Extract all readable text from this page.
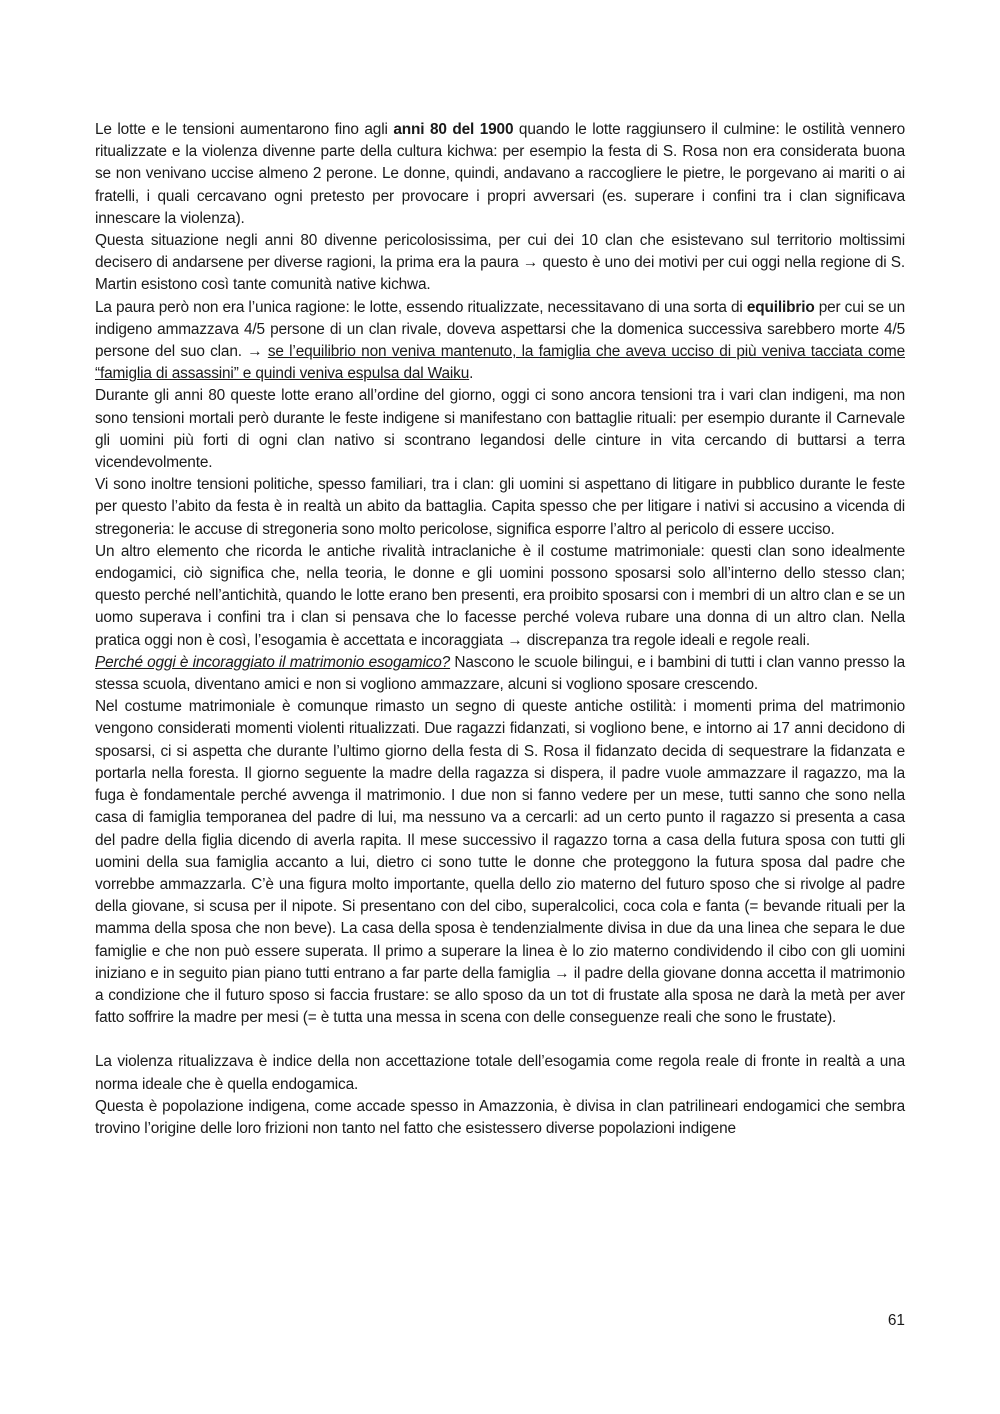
Le lotte e le tensioni aumentarono fino agli anni 80 del 1900 quando le lotte raggiunsero il culmine: le ostilità vennero ritualizzate e la violenza divenne parte della cultura kichwa: per esempio la festa di S. Rosa non era considerata buona se non venivano uccise almeno 2 perone. Le donne, quindi, andavano a raccogliere le pietre, le porgevano ai mariti o ai fratelli, i quali cercavano ogni pretesto per provocare i propri avversari (es. superare i confini tra i clan significava innescare la violenza).

Questa situazione negli anni 80 divenne pericolosissima, per cui dei 10 clan che esistevano sul territorio moltissimi decisero di andarsene per diverse ragioni, la prima era la paura → questo è uno dei motivi per cui oggi nella regione di S. Martin esistono così tante comunità native kichwa.

La paura però non era l’unica ragione: le lotte, essendo ritualizzate, necessitavano di una sorta di equilibrio per cui se un indigeno ammazzava 4/5 persone di un clan rivale, doveva aspettarsi che la domenica successiva sarebbero morte 4/5 persone del suo clan. → se l’equilibrio non veniva mantenuto, la famiglia che aveva ucciso di più veniva tacciata come “famiglia di assassini” e quindi veniva espulsa dal Waiku.

Durante gli anni 80 queste lotte erano all’ordine del giorno, oggi ci sono ancora tensioni tra i vari clan indigeni, ma non sono tensioni mortali però durante le feste indigene si manifestano con battaglie rituali: per esempio durante il Carnevale gli uomini più forti di ogni clan nativo si scontrano legandosi delle cinture in vita cercando di buttarsi a terra vicendevolmente.

Vi sono inoltre tensioni politiche, spesso familiari, tra i clan: gli uomini si aspettano di litigare in pubblico durante le feste per questo l’abito da festa è in realtà un abito da battaglia. Capita spesso che per litigare i nativi si accusino a vicenda di stregoneria: le accuse di stregoneria sono molto pericolose, significa esporre l’altro al pericolo di essere ucciso.

Un altro elemento che ricorda le antiche rivalità intraclaniche è il costume matrimoniale: questi clan sono idealmente endogamici, ciò significa che, nella teoria, le donne e gli uomini possono sposarsi solo all’interno dello stesso clan; questo perché nell’antichità, quando le lotte erano ben presenti, era proibito sposarsi con i membri di un altro clan e se un uomo superava i confini tra i clan si pensava che lo facesse perché voleva rubare una donna di un altro clan. Nella pratica oggi non è così, l’esogamia è accettata e incoraggiata → discrepanza tra regole ideali e regole reali.

Perché oggi è incoraggiato il matrimonio esogamico? Nascono le scuole bilingui, e i bambini di tutti i clan vanno presso la stessa scuola, diventano amici e non si vogliono ammazzare, alcuni si vogliono sposare crescendo.

Nel costume matrimoniale è comunque rimasto un segno di queste antiche ostilità: i momenti prima del matrimonio vengono considerati momenti violenti ritualizzati. Due ragazzi fidanzati, si vogliono bene, e intorno ai 17 anni decidono di sposarsi, ci si aspetta che durante l’ultimo giorno della festa di S. Rosa il fidanzato decida di sequestrare la fidanzata e portarla nella foresta. Il giorno seguente la madre della ragazza si dispera, il padre vuole ammazzare il ragazzo, ma la fuga è fondamentale perché avvenga il matrimonio. I due non si fanno vedere per un mese, tutti sanno che sono nella casa di famiglia temporanea del padre di lui, ma nessuno va a cercarli: ad un certo punto il ragazzo si presenta a casa del padre della figlia dicendo di averla rapita. Il mese successivo il ragazzo torna a casa della futura sposa con tutti gli uomini della sua famiglia accanto a lui, dietro ci sono tutte le donne che proteggono la futura sposa dal padre che vorrebbe ammazzarla. C’è una figura molto importante, quella dello zio materno del futuro sposo che si rivolge al padre della giovane, si scusa per il nipote. Si presentano con del cibo, superalcolici, coca cola e fanta (= bevande rituali per la mamma della sposa che non beve). La casa della sposa è tendenzialmente divisa in due da una linea che separa le due famiglie e che non può essere superata. Il primo a superare la linea è lo zio materno condividendo il cibo con gli uomini iniziano e in seguito pian piano tutti entrano a far parte della famiglia → il padre della giovane donna accetta il matrimonio a condizione che il futuro sposo si faccia frustare: se allo sposo da un tot di frustate alla sposa ne darà la metà per aver fatto soffrire la madre per mesi (= è tutta una messa in scena con delle conseguenze reali che sono le frustate).

La violenza ritualizzava è indice della non accettazione totale dell’esogamia come regola reale di fronte in realtà a una norma ideale che è quella endogamica.

Questa è popolazione indigena, come accade spesso in Amazzonia, è divisa in clan patrilineari endogamici che sembra trovino l’origine delle loro frizioni non tanto nel fatto che esistessero diverse popolazioni indigene

61
